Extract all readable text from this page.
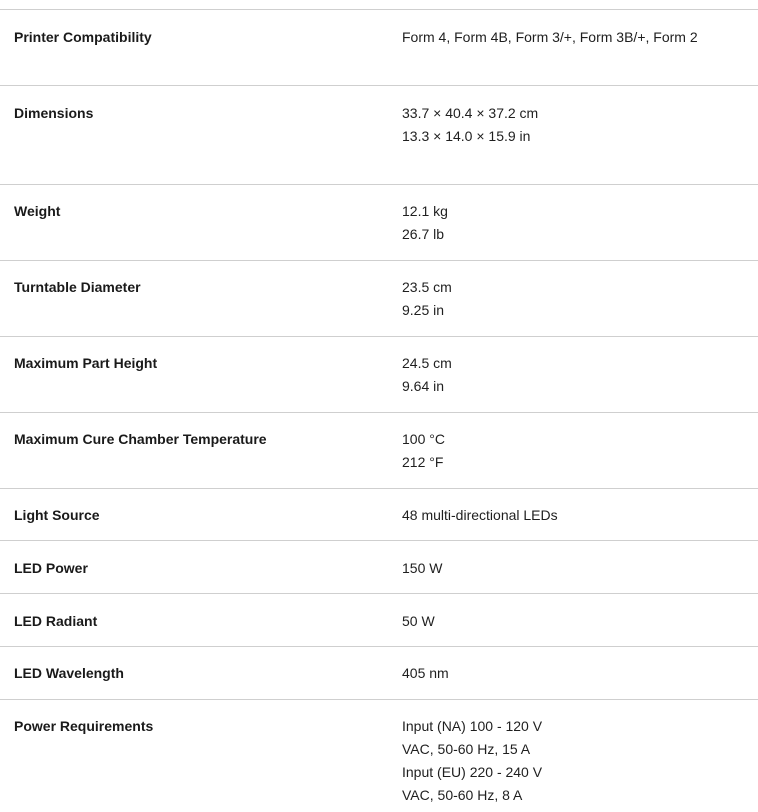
Printer Compatibility	Form 4, Form 4B, Form 3/+, Form 3B/+, Form 2
Dimensions	33.7 × 40.4 × 37.2 cm
13.3 × 14.0 × 15.9 in
Weight	12.1 kg
26.7 lb
Turntable Diameter	23.5 cm
9.25 in
Maximum Part Height	24.5 cm
9.64 in
Maximum Cure Chamber Temperature	100 °C
212 °F
Light Source	48 multi-directional LEDs
LED Power	150 W
LED Radiant	50 W
LED Wavelength	405 nm
Power Requirements	Input (NA) 100 - 120 V
VAC, 50-60 Hz, 15 A
Input (EU) 220 - 240 V
VAC, 50-60 Hz, 8 A
